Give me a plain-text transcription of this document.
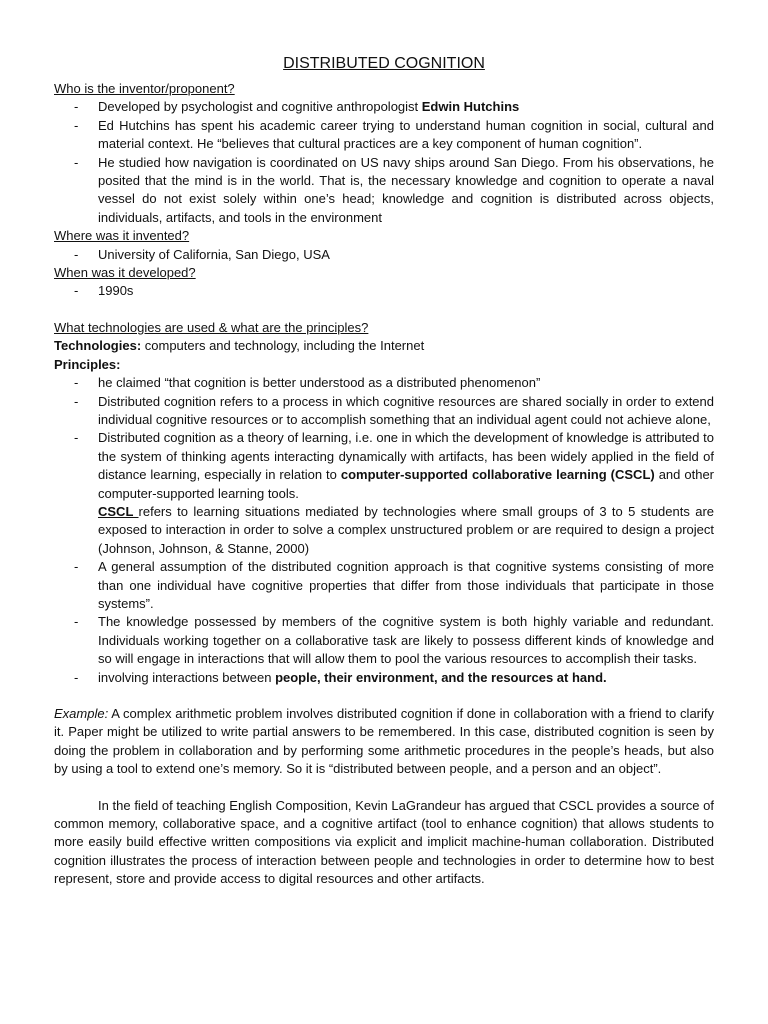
DISTRIBUTED COGNITION

Who is the inventor/proponent?

- Developed by psychologist and cognitive anthropologist Edwin Hutchins
- Ed Hutchins has spent his academic career trying to understand human cognition in social, cultural and material context. He “believes that cultural practices are a key component of human cognition”.
- He studied how navigation is coordinated on US navy ships around San Diego. From his observations, he posited that the mind is in the world. That is, the necessary knowledge and cognition to operate a naval vessel do not exist solely within one’s head; knowledge and cognition is distributed across objects, individuals, artifacts, and tools in the environment

Where was it invented?

- University of California, San Diego, USA

When was it developed?

- 1990s

What technologies are used & what are the principles?

Technologies: computers and technology, including the Internet

Principles:

- he claimed “that cognition is better understood as a distributed phenomenon”
- Distributed cognition refers to a process in which cognitive resources are shared socially in order to extend individual cognitive resources or to accomplish something that an individual agent could not achieve alone,
- Distributed cognition as a theory of learning, i.e. one in which the development of knowledge is attributed to the system of thinking agents interacting dynamically with artifacts, has been widely applied in the field of distance learning, especially in relation to computer-supported collaborative learning (CSCL) and other computer-supported learning tools.

CSCL refers to learning situations mediated by technologies where small groups of 3 to 5 students are exposed to interaction in order to solve a complex unstructured problem or are required to design a project (Johnson, Johnson, & Stanne, 2000)

- A general assumption of the distributed cognition approach is that cognitive systems consisting of more than one individual have cognitive properties that differ from those individuals that participate in those systems”.
- The knowledge possessed by members of the cognitive system is both highly variable and redundant. Individuals working together on a collaborative task are likely to possess different kinds of knowledge and so will engage in interactions that will allow them to pool the various resources to accomplish their tasks.
- involving interactions between people, their environment, and the resources at hand.

Example: A complex arithmetic problem involves distributed cognition if done in collaboration with a friend to clarify it. Paper might be utilized to write partial answers to be remembered. In this case, distributed cognition is seen by doing the problem in collaboration and by performing some arithmetic procedures in the people’s heads, but also by using a tool to extend one’s memory. So it is “distributed between people, and a person and an object”.

In the field of teaching English Composition, Kevin LaGrandeur has argued that CSCL provides a source of common memory, collaborative space, and a cognitive artifact (tool to enhance cognition) that allows students to more easily build effective written compositions via explicit and implicit machine-human collaboration. Distributed cognition illustrates the process of interaction between people and technologies in order to determine how to best represent, store and provide access to digital resources and other artifacts.
